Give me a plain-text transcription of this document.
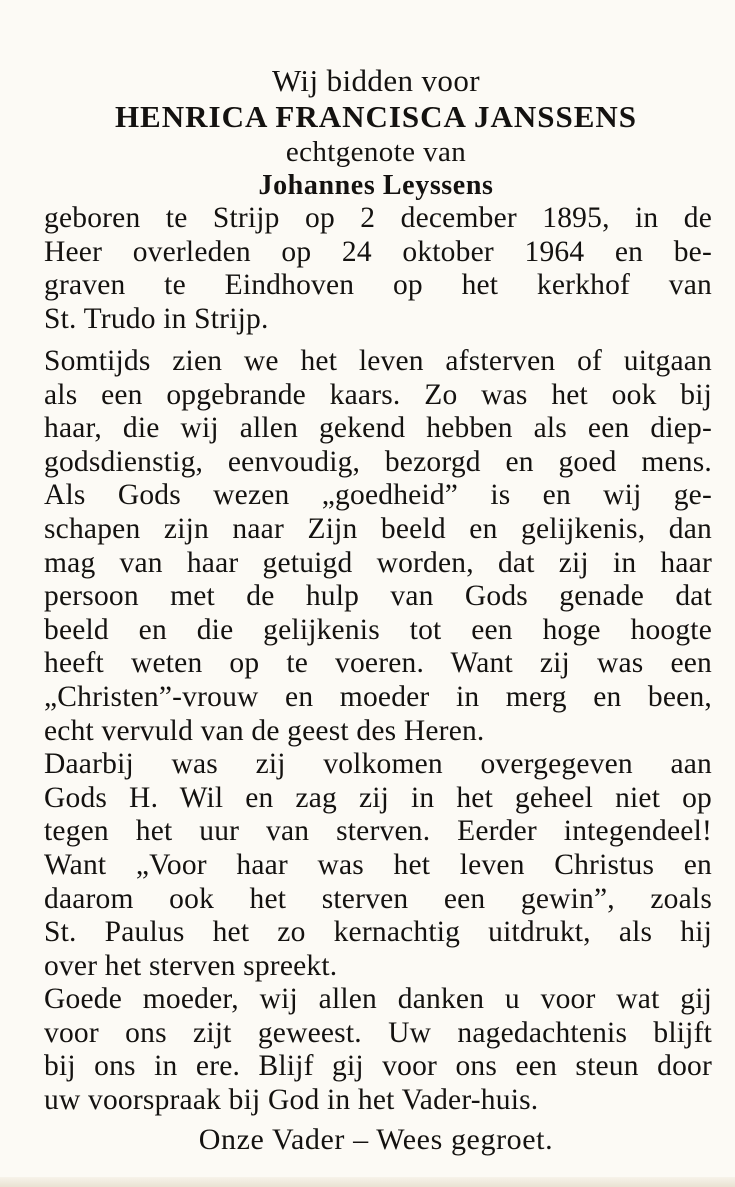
Wij bidden voor
HENRICA FRANCISCA JANSSENS
echtgenote van
Johannes Leyssens
geboren te Strijp op 2 december 1895, in de
Heer overleden op 24 oktober 1964 en be-
graven te Eindhoven op het kerkhof van
St. Trudo in Strijp.
Somtijds zien we het leven afsterven of uitgaan
als een opgebrande kaars. Zo was het ook bij
haar, die wij allen gekend hebben als een diep-
godsdienstig, eenvoudig, bezorgd en goed mens.
Als Gods wezen „goedheid” is en wij ge-
schapen zijn naar Zijn beeld en gelijkenis, dan
mag van haar getuigd worden, dat zij in haar
persoon met de hulp van Gods genade dat
beeld en die gelijkenis tot een hoge hoogte
heeft weten op te voeren. Want zij was een
„Christen”-vrouw en moeder in merg en been,
echt vervuld van de geest des Heren.
Daarbij was zij volkomen overgegeven aan
Gods H. Wil en zag zij in het geheel niet op
tegen het uur van sterven. Eerder integendeel!
Want „Voor haar was het leven Christus en
daarom ook het sterven een gewin”, zoals
St. Paulus het zo kernachtig uitdrukt, als hij
over het sterven spreekt.
Goede moeder, wij allen danken u voor wat gij
voor ons zijt geweest. Uw nagedachtenis blijft
bij ons in ere. Blijf gij voor ons een steun door
uw voorspraak bij God in het Vader-huis.
Onze Vader – Wees gegroet.
